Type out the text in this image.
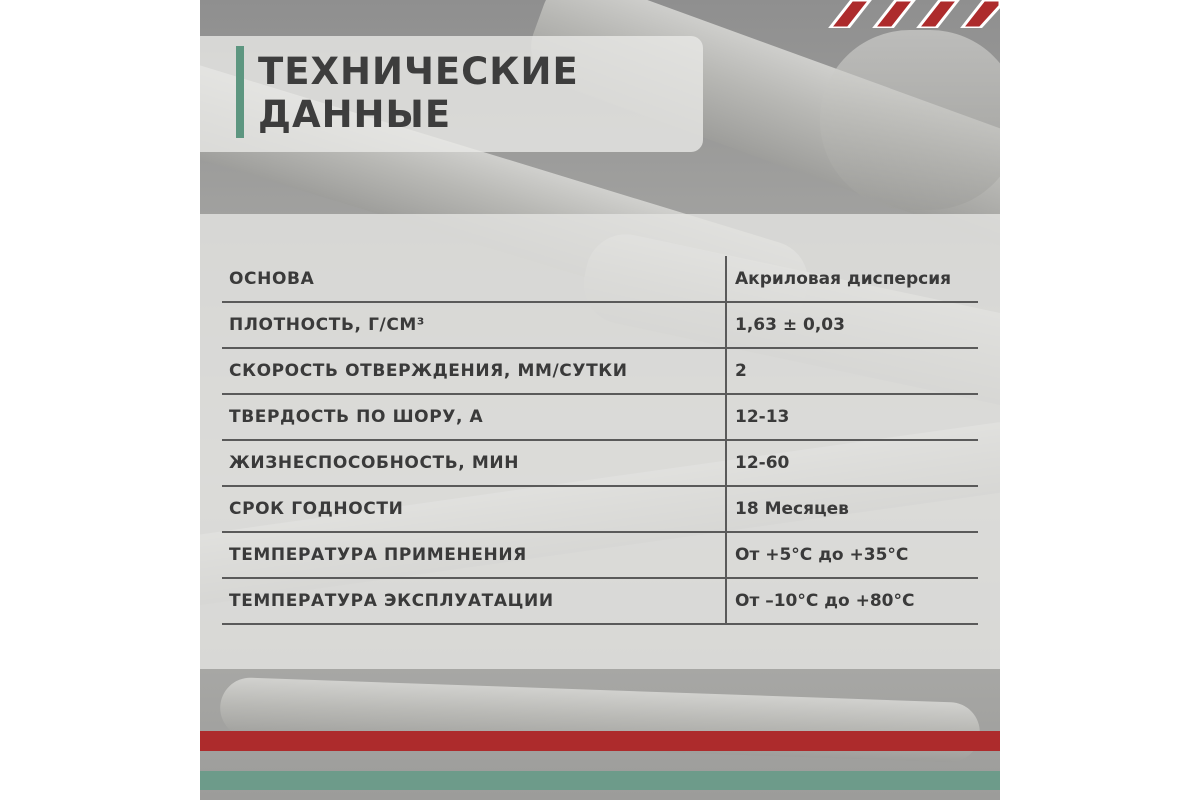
ТЕХНИЧЕСКИЕ
ДАННЫЕ
ОСНОВА	Акриловая дисперсия
ПЛОТНОСТЬ, Г/СМ³	1,63 ± 0,03
СКОРОСТЬ ОТВЕРЖДЕНИЯ, ММ/СУТКИ	2
ТВЕРДОСТЬ ПО ШОРУ, А	12-13
ЖИЗНЕСПОСОБНОСТЬ, МИН	12-60
СРОК ГОДНОСТИ	18 Месяцев
ТЕМПЕРАТУРА ПРИМЕНЕНИЯ	От +5°C до +35°C
ТЕМПЕРАТУРА ЭКСПЛУАТАЦИИ	От –10°C до +80°C
